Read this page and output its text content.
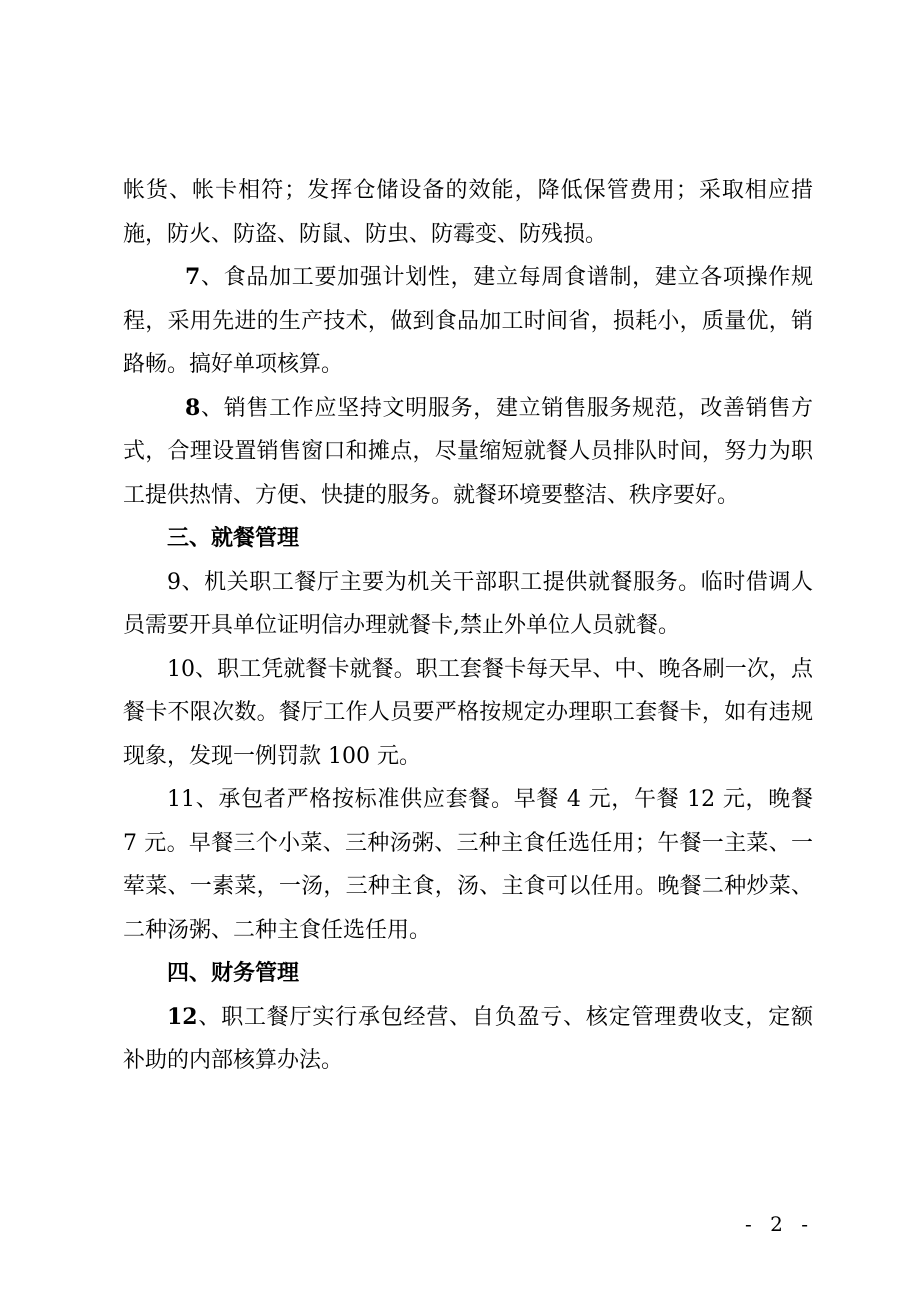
帐货、帐卡相符；发挥仓储设备的效能，降低保管费用；采取相应措施，防火、防盗、防鼠、防虫、防霉变、防残损。

7、食品加工要加强计划性，建立每周食谱制，建立各项操作规程，采用先进的生产技术，做到食品加工时间省，损耗小，质量优，销路畅。搞好单项核算。

8、销售工作应坚持文明服务，建立销售服务规范，改善销售方式，合理设置销售窗口和摊点，尽量缩短就餐人员排队时间，努力为职工提供热情、方便、快捷的服务。就餐环境要整洁、秩序要好。

三、就餐管理

9、机关职工餐厅主要为机关干部职工提供就餐服务。临时借调人员需要开具单位证明信办理就餐卡,禁止外单位人员就餐。

10、职工凭就餐卡就餐。职工套餐卡每天早、中、晚各刷一次，点餐卡不限次数。餐厅工作人员要严格按规定办理职工套餐卡，如有违规现象，发现一例罚款 100 元。

11、承包者严格按标准供应套餐。早餐 4 元，午餐 12 元，晚餐 7 元。早餐三个小菜、三种汤粥、三种主食任选任用；午餐一主菜、一荤菜、一素菜，一汤，三种主食，汤、主食可以任用。晚餐二种炒菜、二种汤粥、二种主食任选任用。

四、财务管理

12、职工餐厅实行承包经营、自负盈亏、核定管理费收支，定额补助的内部核算办法。

- 2 -
